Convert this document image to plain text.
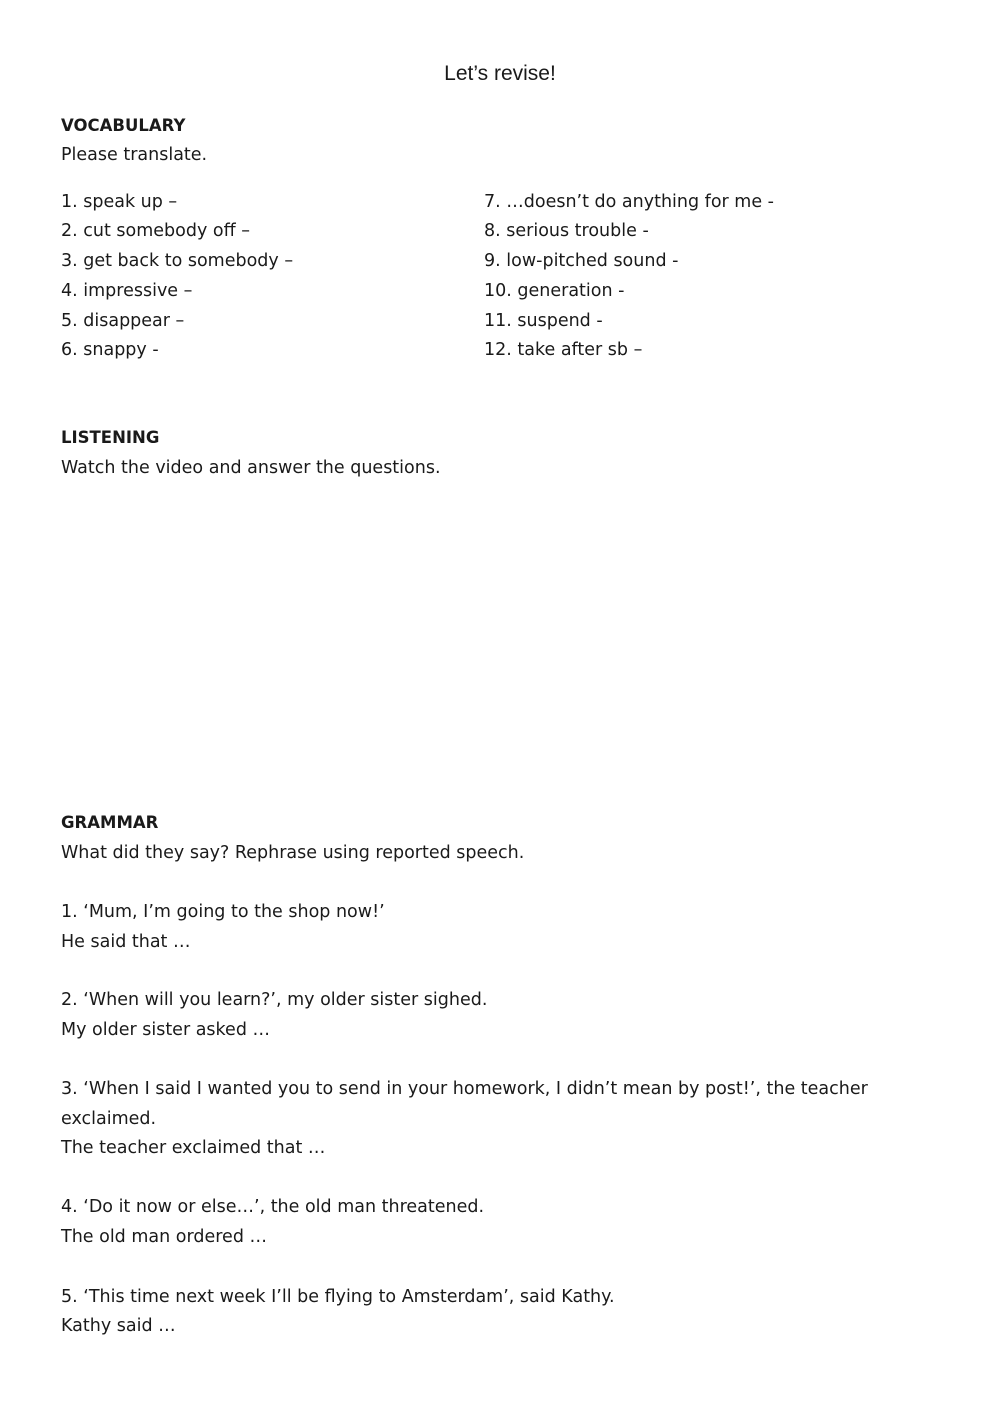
Let’s revise!

VOCABULARY

Please translate.

1. speak up –

2. cut somebody off –

3. get back to somebody –

4. impressive –

5. disappear –

6. snappy -

7. …doesn’t do anything for me -

8. serious trouble -

9. low-pitched sound -

10. generation -

11. suspend -

12. take after sb –

LISTENING

Watch the video and answer the questions.

GRAMMAR

What did they say? Rephrase using reported speech.

1. ‘Mum, I’m going to the shop now!’

He said that …

2. ‘When will you learn?’, my older sister sighed.

My older sister asked …

3. ‘When I said I wanted you to send in your homework, I didn’t mean by post!’, the teacher

exclaimed.

The teacher exclaimed that …

4. ‘Do it now or else…’, the old man threatened.

The old man ordered …

5. ‘This time next week I’ll be flying to Amsterdam’, said Kathy.

Kathy said …
